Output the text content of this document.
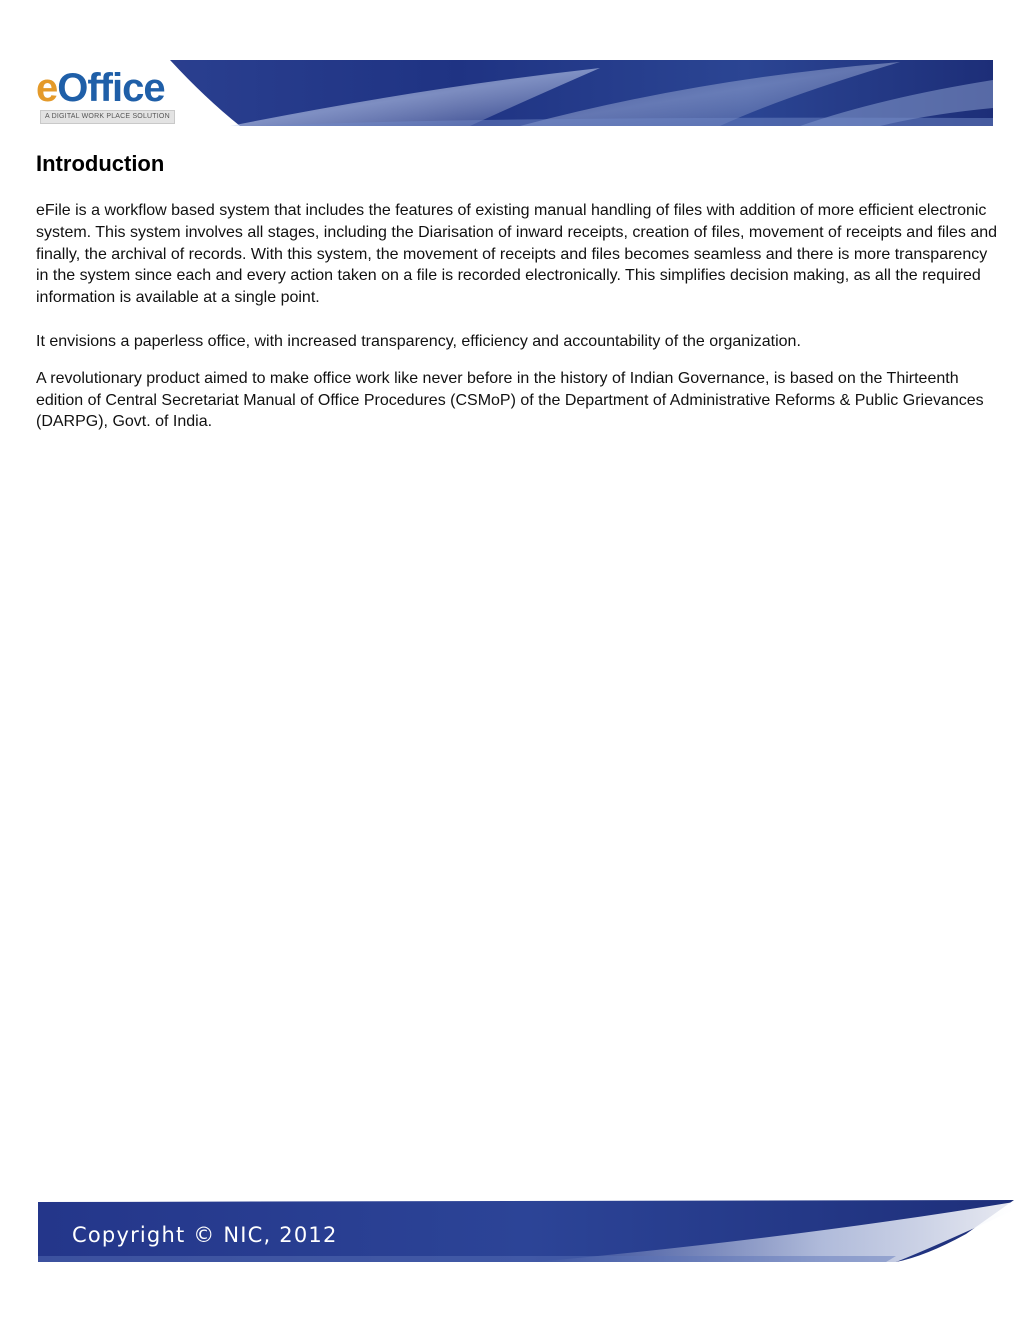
eOffice
A DIGITAL WORK PLACE SOLUTION
Introduction

eFile is a workflow based system that includes the features of existing manual handling of files with addition of more efficient electronic system. This system involves all stages, including the Diarisation of inward receipts, creation of files, movement of receipts and files and finally, the archival of records. With this system, the movement of receipts and files becomes seamless and there is more transparency in the system since each and every action taken on a file is recorded electronically. This simplifies decision making, as all the required information is available at a single point.

It envisions a paperless office, with increased transparency, efficiency and accountability of the organization.

A revolutionary product aimed to make office work like never before in the history of Indian Governance, is based on the Thirteenth edition of Central Secretariat Manual of Office Procedures (CSMoP) of the Department of Administrative Reforms & Public Grievances (DARPG), Govt. of India.

Copyright © NIC, 2012
